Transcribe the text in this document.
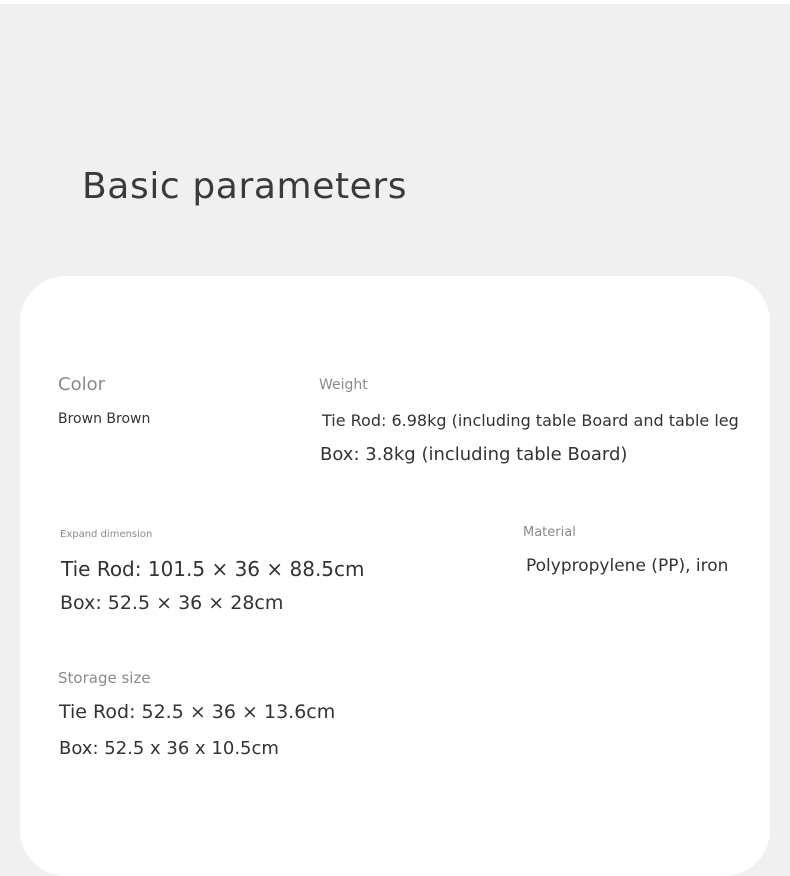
Basic parameters
Color
Brown Brown
Weight
Tie Rod: 6.98kg (including table Board and table leg
Box: 3.8kg (including table Board)
Expand dimension
Tie Rod: 101.5 × 36 × 88.5cm
Box: 52.5 × 36 × 28cm
Material
Polypropylene (PP), iron
Storage size
Tie Rod: 52.5 × 36 × 13.6cm
Box: 52.5 x 36 x 10.5cm
